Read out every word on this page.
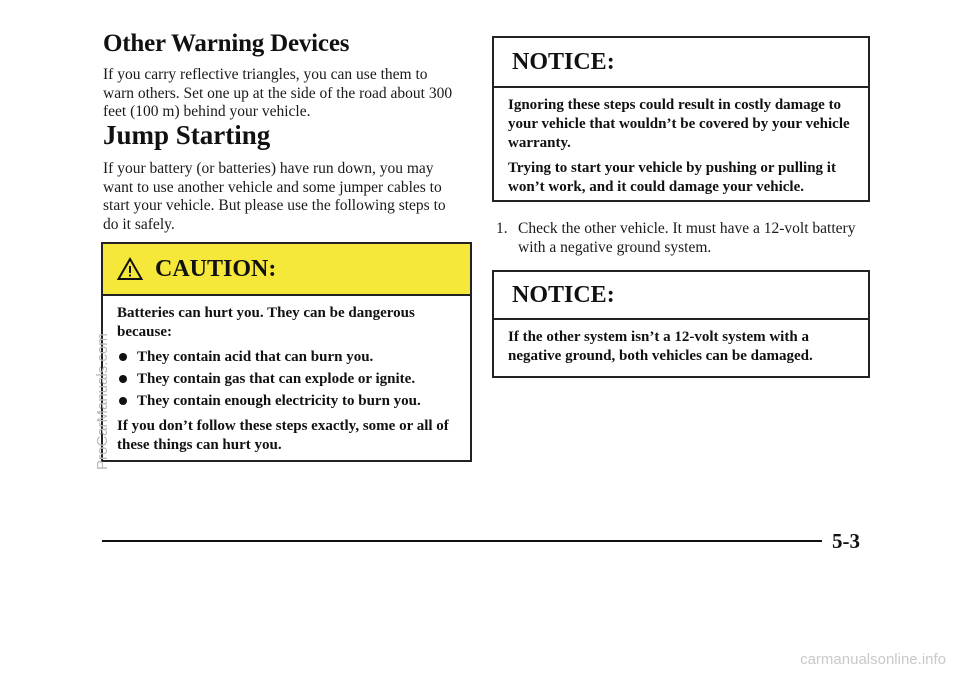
Other Warning Devices

If you carry reflective triangles, you can use them to warn others. Set one up at the side of the road about 300 feet (100 m) behind your vehicle.

Jump Starting

If your battery (or batteries) have run down, you may want to use another vehicle and some jumper cables to start your vehicle. But please use the following steps to do it safely.

CAUTION:

Batteries can hurt you. They can be dangerous because:

They contain acid that can burn you.
They contain gas that can explode or ignite.
They contain enough electricity to burn you.

If you don’t follow these steps exactly, some or all of these things can hurt you.

NOTICE:

Ignoring these steps could result in costly damage to your vehicle that wouldn’t be covered by your vehicle warranty.

Trying to start your vehicle by pushing or pulling it won’t work, and it could damage your vehicle.

1. Check the other vehicle. It must have a 12-volt battery with a negative ground system.
NOTICE:

If the other system isn’t a 12-volt system with a negative ground, both vehicles can be damaged.

5-3
ProCarManuals.com
carmanualsonline.info
